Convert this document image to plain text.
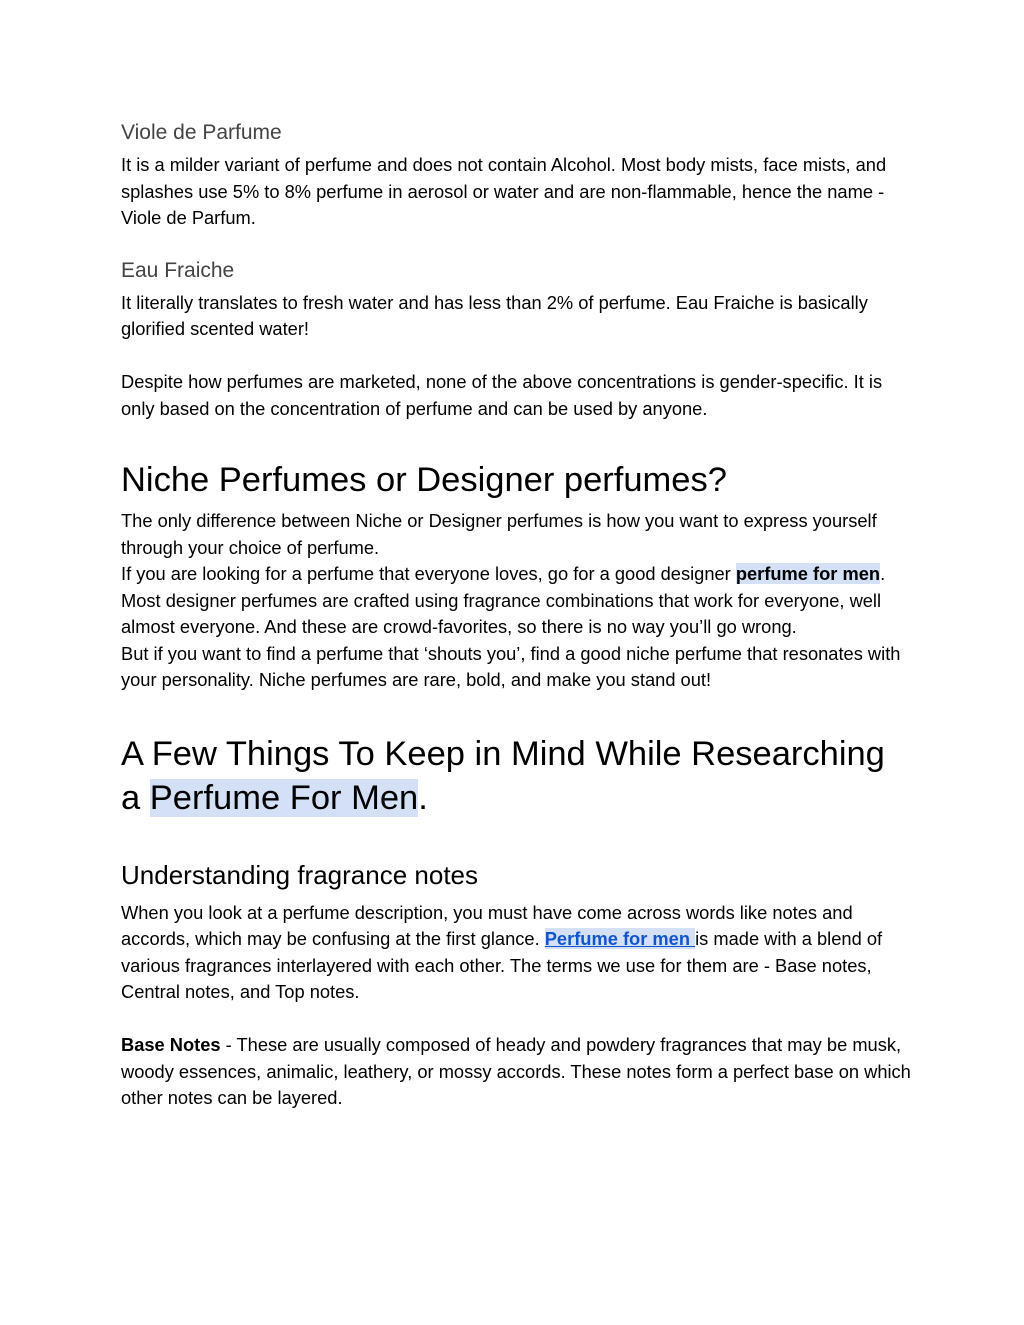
Viole de Parfume

It is a milder variant of perfume and does not contain Alcohol. Most body mists, face mists, and splashes use 5% to 8% perfume in aerosol or water and are non-flammable, hence the name - Viole de Parfum.

Eau Fraiche

It literally translates to fresh water and has less than 2% of perfume. Eau Fraiche is basically glorified scented water!

Despite how perfumes are marketed, none of the above concentrations is gender-specific. It is only based on the concentration of perfume and can be used by anyone.

Niche Perfumes or Designer perfumes?

The only difference between Niche or Designer perfumes is how you want to express yourself through your choice of perfume.

If you are looking for a perfume that everyone loves, go for a good designer perfume for men. Most designer perfumes are crafted using fragrance combinations that work for everyone, well almost everyone. And these are crowd-favorites, so there is no way you’ll go wrong.

But if you want to find a perfume that ‘shouts you’, find a good niche perfume that resonates with your personality. Niche perfumes are rare, bold, and make you stand out!

A Few Things To Keep in Mind While Researching a Perfume For Men.
Understanding fragrance notes

When you look at a perfume description, you must have come across words like notes and accords, which may be confusing at the first glance. Perfume for men is made with a blend of various fragrances interlayered with each other. The terms we use for them are - Base notes, Central notes, and Top notes.

Base Notes - These are usually composed of heady and powdery fragrances that may be musk, woody essences, animalic, leathery, or mossy accords. These notes form a perfect base on which other notes can be layered.
